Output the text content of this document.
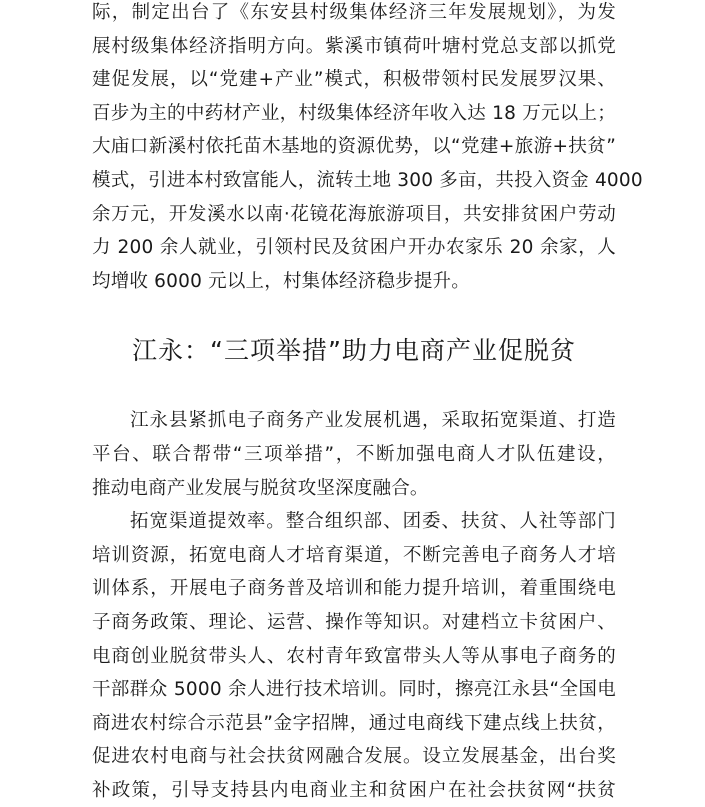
际，制定出台了《东安县村级集体经济三年发展规划》，为发
展村级集体经济指明方向。紫溪市镇荷叶塘村党总支部以抓党
建促发展，以“党建+产业”模式，积极带领村民发展罗汉果、
百步为主的中药材产业，村级集体经济年收入达 18 万元以上；
大庙口新溪村依托苗木基地的资源优势，以“党建+旅游+扶贫”
模式，引进本村致富能人，流转土地 300 多亩，共投入资金 4000
余万元，开发溪水以南·花镜花海旅游项目，共安排贫困户劳动
力 200 余人就业，引领村民及贫困户开办农家乐 20 余家，人
均增收 6000 元以上，村集体经济稳步提升。
江永：“三项举措”助力电商产业促脱贫
江永县紧抓电子商务产业发展机遇，采取拓宽渠道、打造
平台、联合帮带“三项举措”，不断加强电商人才队伍建设，
推动电商产业发展与脱贫攻坚深度融合。
拓宽渠道提效率。整合组织部、团委、扶贫、人社等部门
培训资源，拓宽电商人才培育渠道，不断完善电子商务人才培
训体系，开展电子商务普及培训和能力提升培训，着重围绕电
子商务政策、理论、运营、操作等知识。对建档立卡贫困户、
电商创业脱贫带头人、农村青年致富带头人等从事电子商务的
干部群众 5000 余人进行技术培训。同时，擦亮江永县“全国电
商进农村综合示范县”金字招牌，通过电商线下建点线上扶贫，
促进农村电商与社会扶贫网融合发展。设立发展基金，出台奖
补政策，引导支持县内电商业主和贫困户在社会扶贫网“扶贫
